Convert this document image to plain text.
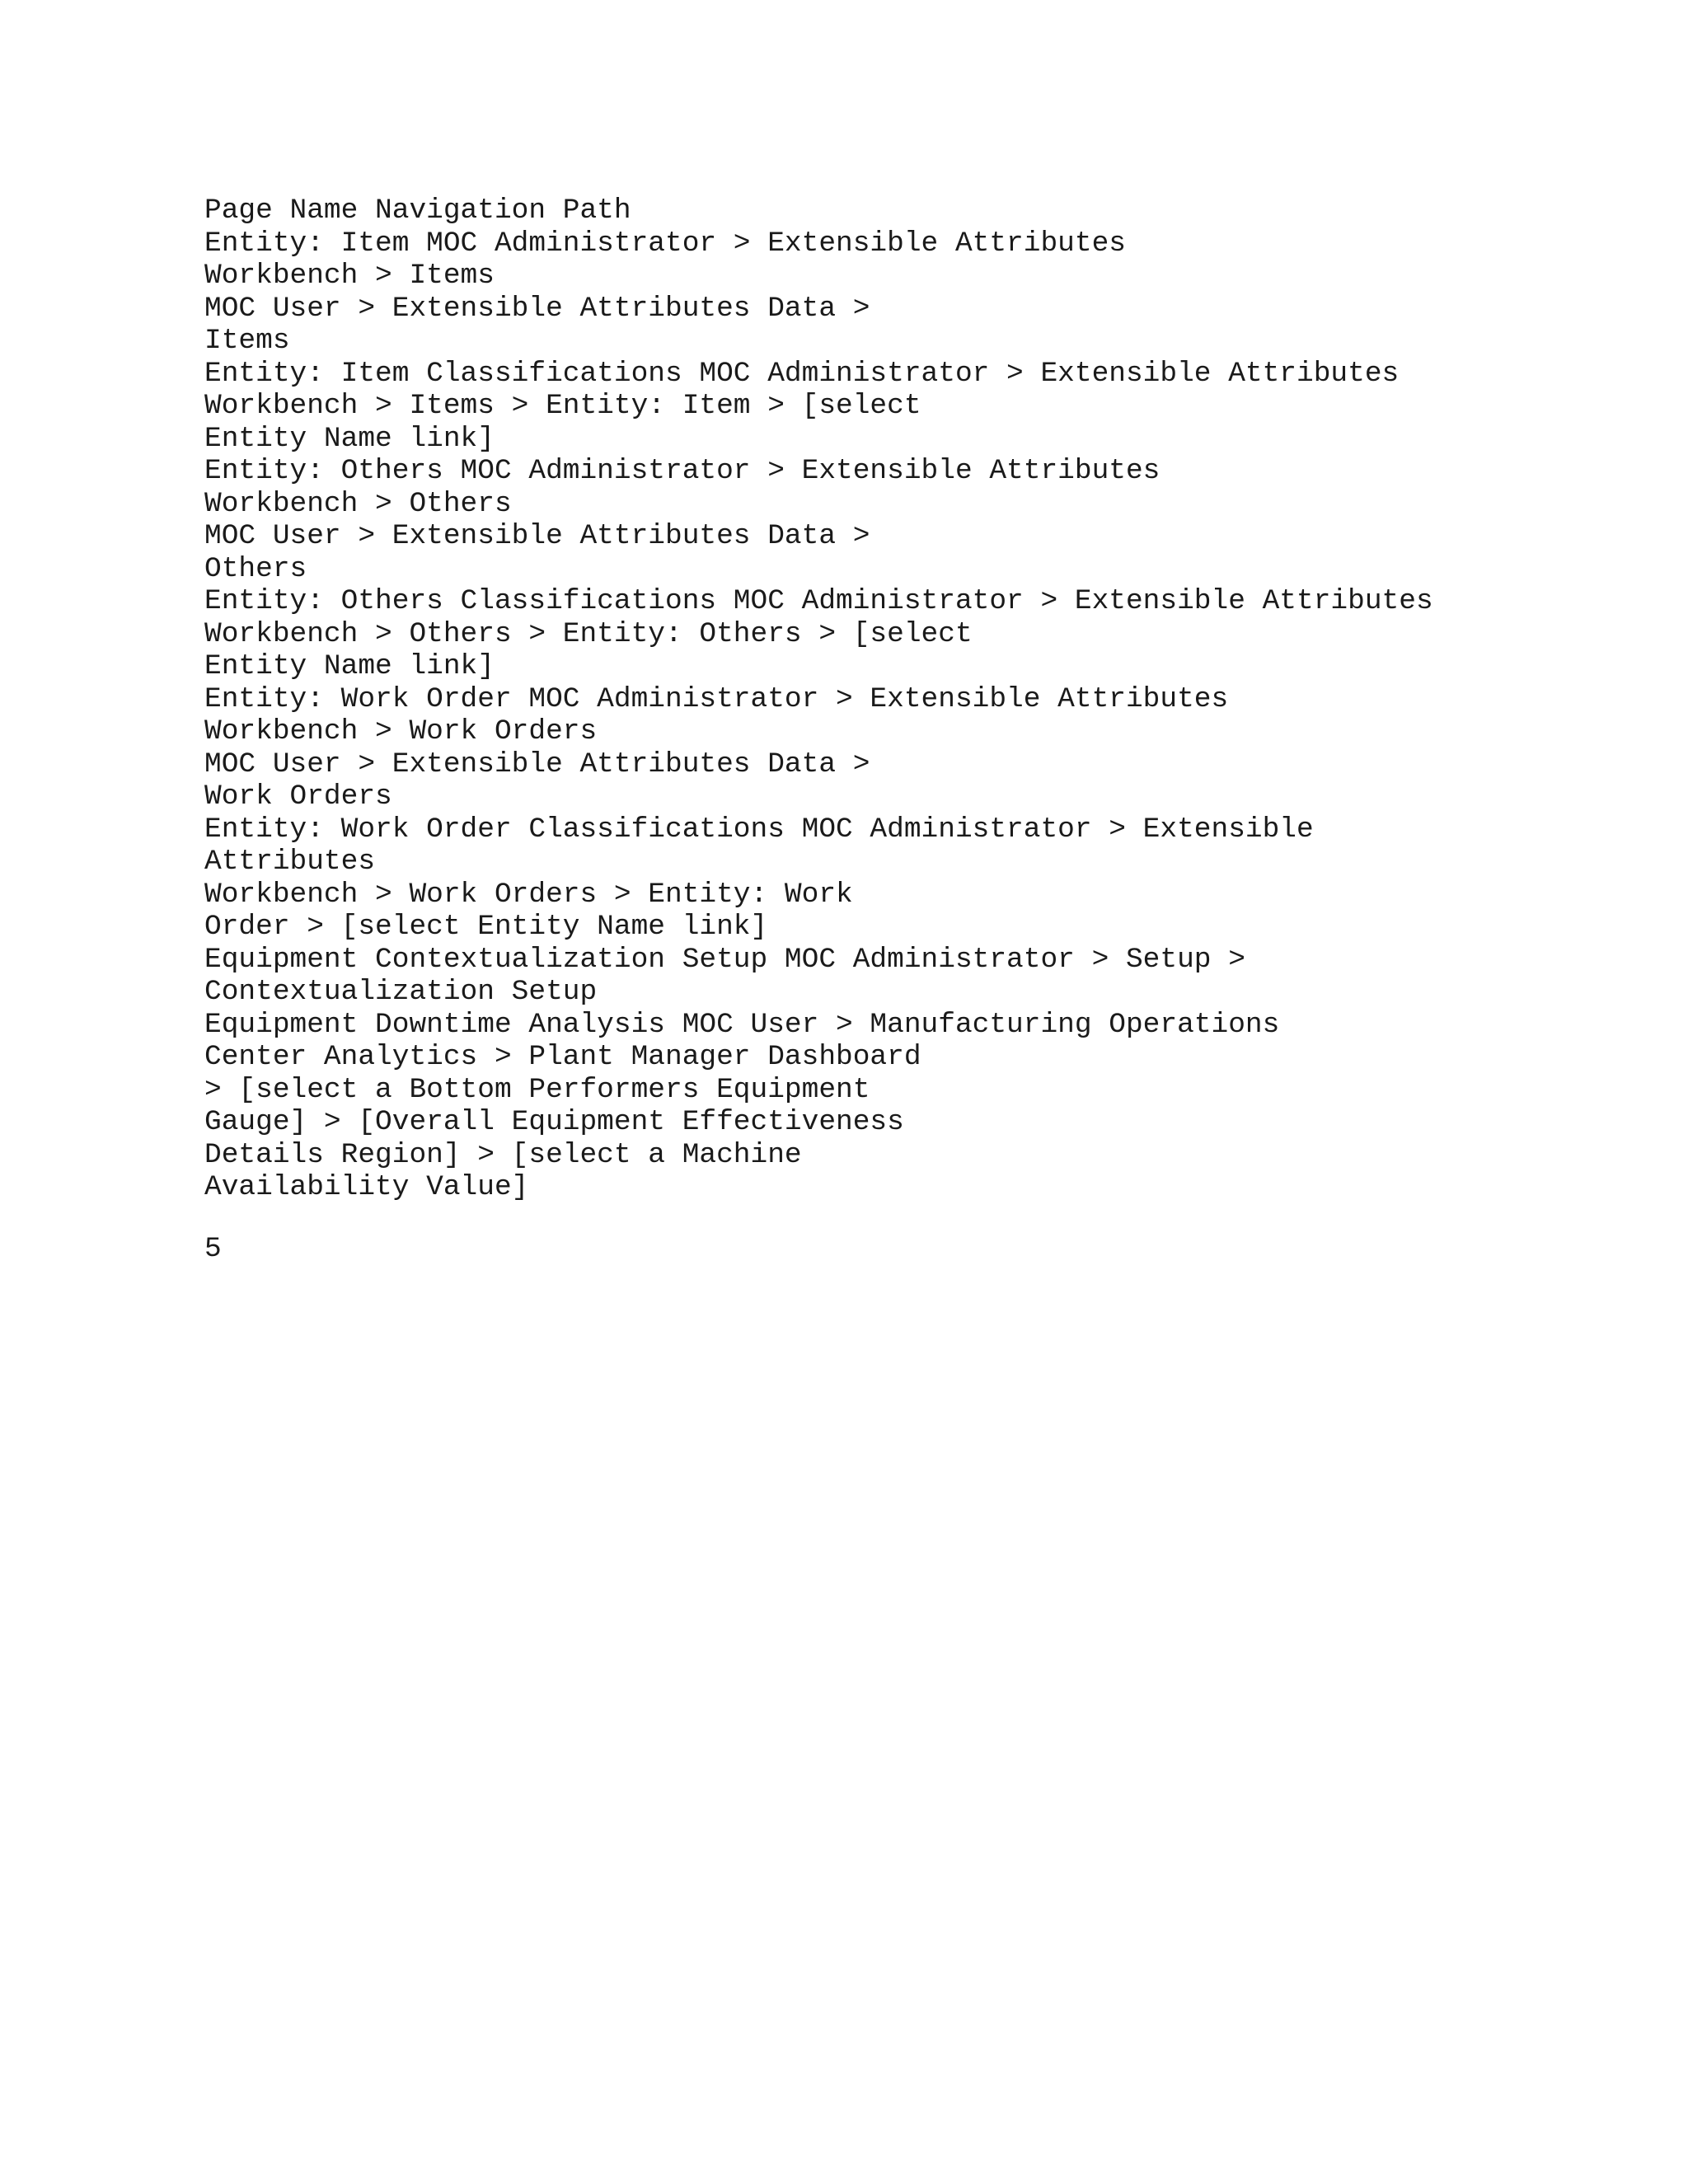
Page Name Navigation Path
Entity: Item MOC Administrator > Extensible Attributes
Workbench > Items
MOC User > Extensible Attributes Data >
Items
Entity: Item Classifications MOC Administrator > Extensible Attributes
Workbench > Items > Entity: Item > [select
Entity Name link]
Entity: Others MOC Administrator > Extensible Attributes
Workbench > Others
MOC User > Extensible Attributes Data >
Others
Entity: Others Classifications MOC Administrator > Extensible Attributes
Workbench > Others > Entity: Others > [select
Entity Name link]
Entity: Work Order MOC Administrator > Extensible Attributes
Workbench > Work Orders
MOC User > Extensible Attributes Data >
Work Orders
Entity: Work Order Classifications MOC Administrator > Extensible
Attributes
Workbench > Work Orders > Entity: Work
Order > [select Entity Name link]
Equipment Contextualization Setup MOC Administrator > Setup >
Contextualization Setup
Equipment Downtime Analysis MOC User > Manufacturing Operations
Center Analytics > Plant Manager Dashboard
> [select a Bottom Performers Equipment
Gauge] > [Overall Equipment Effectiveness
Details Region] > [select a Machine
Availability Value]
5
